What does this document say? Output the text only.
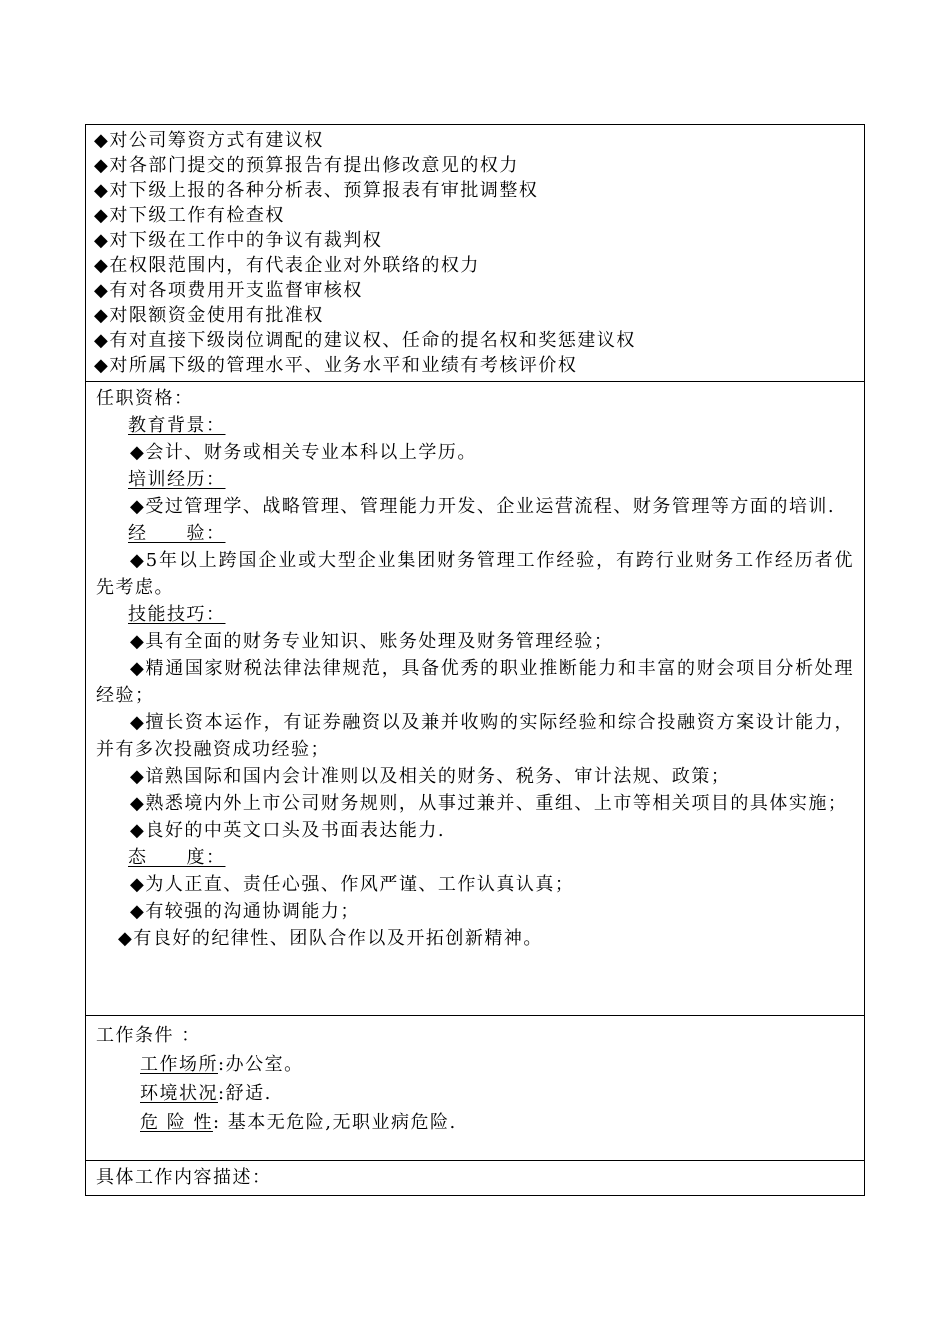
◆对公司筹资方式有建议权
◆对各部门提交的预算报告有提出修改意见的权力
◆对下级上报的各种分析表、预算报表有审批调整权
◆对下级工作有检查权
◆对下级在工作中的争议有裁判权
◆在权限范围内，有代表企业对外联络的权力
◆有对各项费用开支监督审核权
◆对限额资金使用有批准权
◆有对直接下级岗位调配的建议权、任命的提名权和奖惩建议权
◆对所属下级的管理水平、业务水平和业绩有考核评价权
任职资格：
教育背景：
◆会计、财务或相关专业本科以上学历。
培训经历：
◆受过管理学、战略管理、管理能力开发、企业运营流程、财务管理等方面的培训.
经　　验：
◆5年以上跨国企业或大型企业集团财务管理工作经验，有跨行业财务工作经历者优先考虑。
技能技巧：
◆具有全面的财务专业知识、账务处理及财务管理经验；
◆精通国家财税法律法律规范，具备优秀的职业推断能力和丰富的财会项目分析处理经验；
◆擅长资本运作，有证券融资以及兼并收购的实际经验和综合投融资方案设计能力，并有多次投融资成功经验；
◆谙熟国际和国内会计准则以及相关的财务、税务、审计法规、政策；
◆熟悉境内外上市公司财务规则，从事过兼并、重组、上市等相关项目的具体实施；
◆良好的中英文口头及书面表达能力.
态　　度：
◆为人正直、责任心强、作风严谨、工作认真认真；
◆有较强的沟通协调能力；
◆有良好的纪律性、团队合作以及开拓创新精神。
工作条件 ：
工作场所:办公室。
环境状况:舒适.
危 险 性: 基本无危险,无职业病危险.
具体工作内容描述：
